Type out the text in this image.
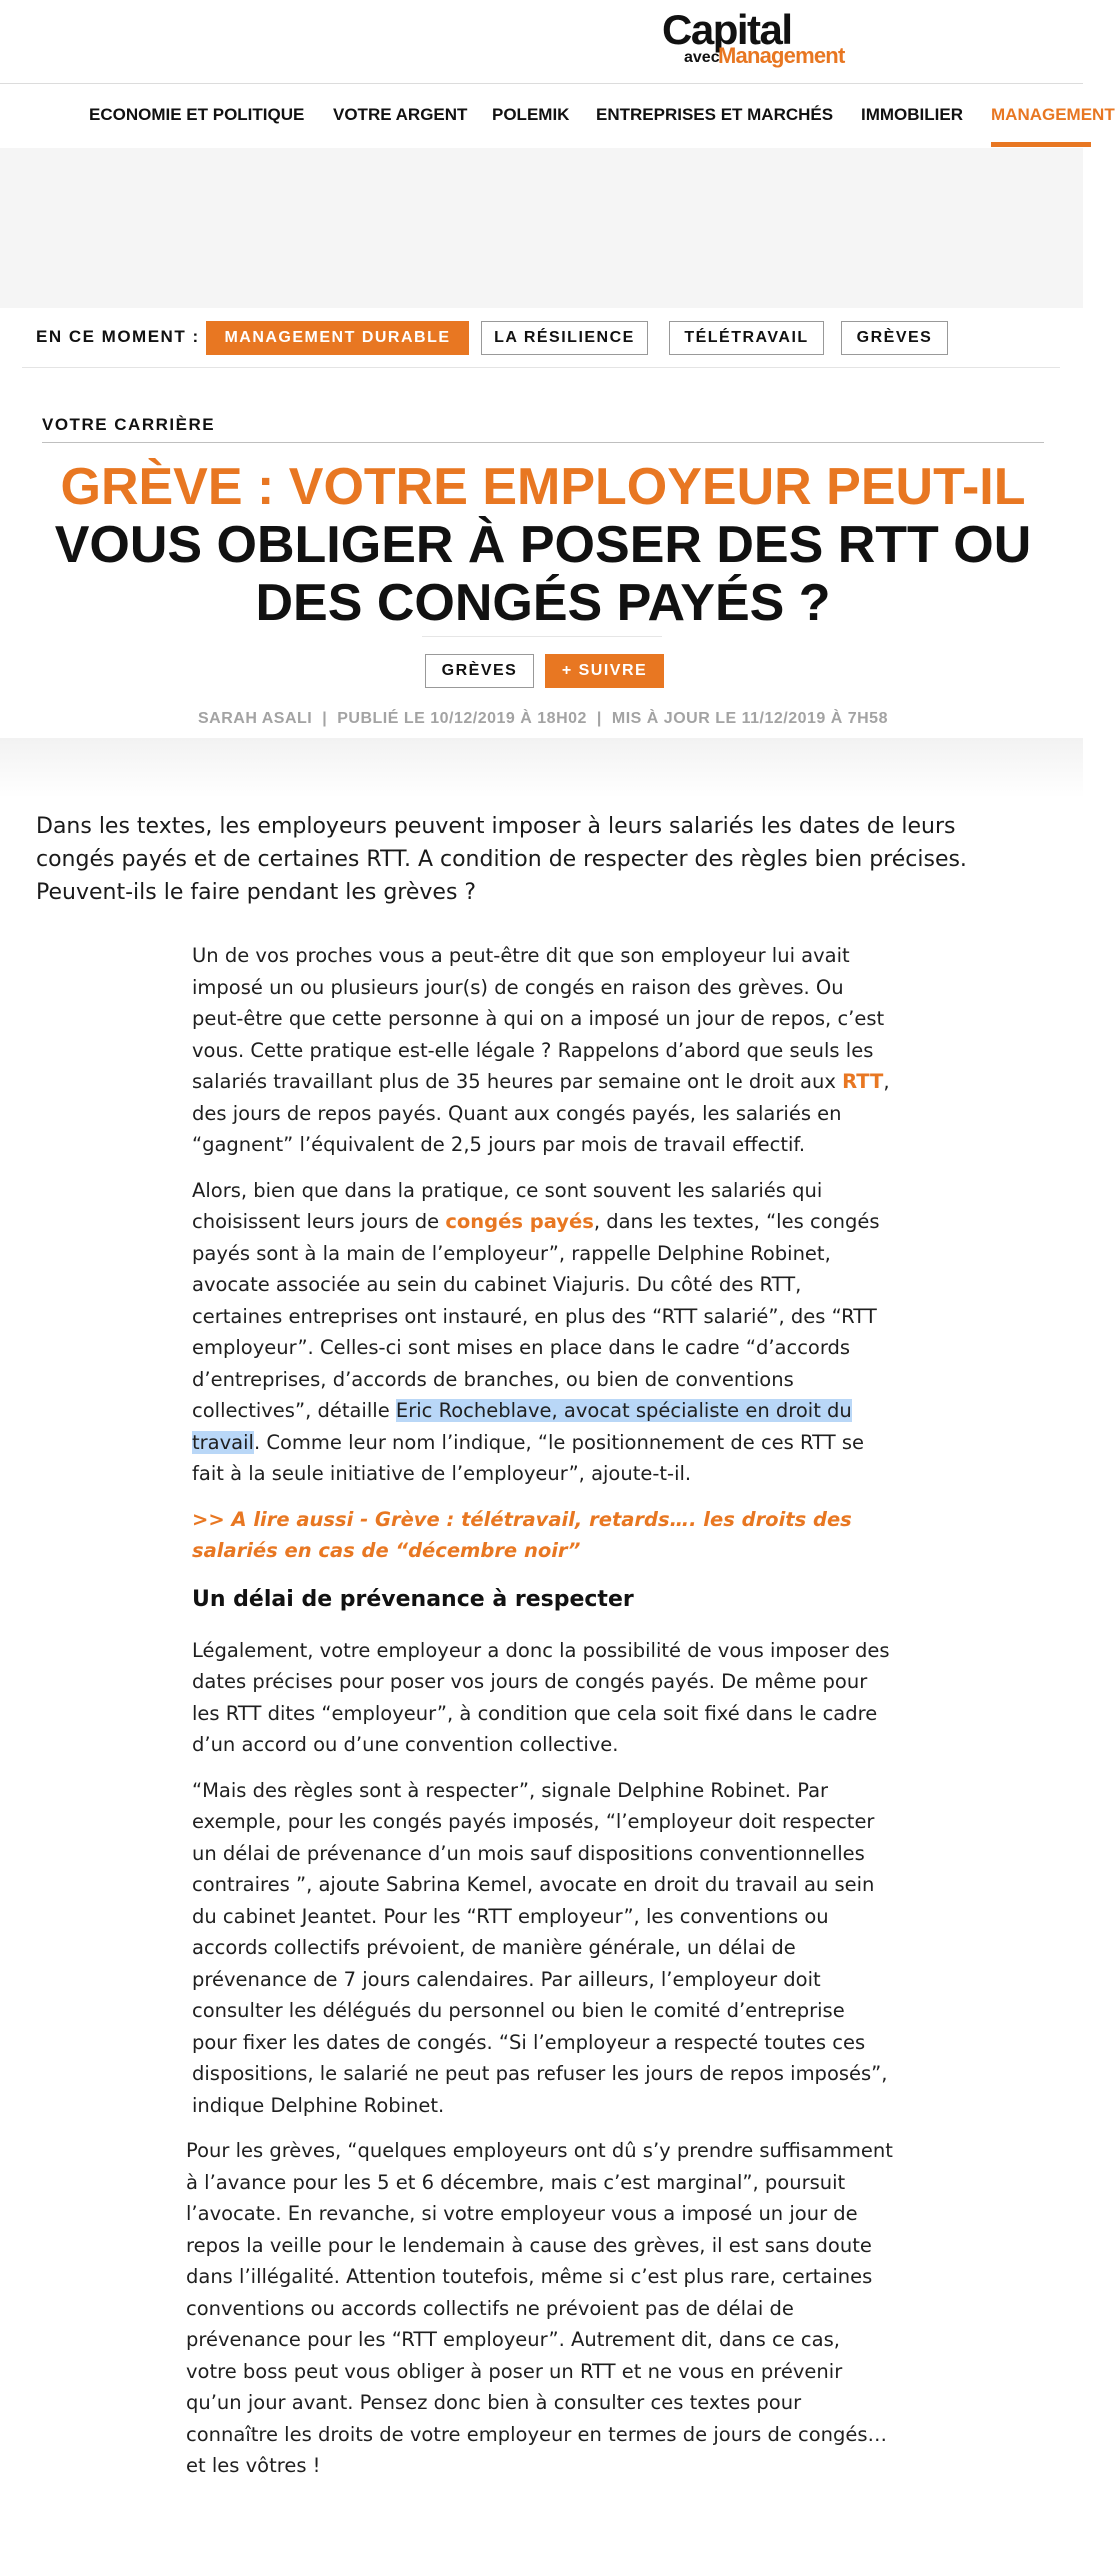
Capital
avec
Management
ECONOMIE ET POLITIQUE VOTRE ARGENT POLEMIK ENTREPRISES ET MARCHÉS IMMOBILIER MANAGEMENT
EN CE MOMENT :	MANAGEMENT DURABLE	LA RÉSILIENCE	TÉLÉTRAVAIL	GRÈVES
VOTRE CARRIÈRE
GRÈVE : VOTRE EMPLOYEUR PEUT-IL
VOUS OBLIGER À POSER DES RTT OU DES CONGÉS PAYÉS ?
GRÈVES	+ SUIVRE
SARAH ASALI | PUBLIÉ LE 10/12/2019 À 18H02 | MIS À JOUR LE 11/12/2019 À 7H58

Dans les textes, les employeurs peuvent imposer à leurs salariés les dates de leurs congés payés et de certaines RTT. A condition de respecter des règles bien précises. Peuvent-ils le faire pendant les grèves ?

Un de vos proches vous a peut-être dit que son employeur lui avait imposé un ou plusieurs jour(s) de congés en raison des grèves. Ou peut-être que cette personne à qui on a imposé un jour de repos, c’est vous. Cette pratique est-elle légale ? Rappelons d’abord que seuls les salariés travaillant plus de 35 heures par semaine ont le droit aux RTT, des jours de repos payés. Quant aux congés payés, les salariés en “gagnent” l’équivalent de 2,5 jours par mois de travail effectif.

Alors, bien que dans la pratique, ce sont souvent les salariés qui choisissent leurs jours de congés payés, dans les textes, “les congés payés sont à la main de l’employeur”, rappelle Delphine Robinet, avocate associée au sein du cabinet Viajuris. Du côté des RTT, certaines entreprises ont instauré, en plus des “RTT salarié”, des “RTT employeur”. Celles-ci sont mises en place dans le cadre “d’accords d’entreprises, d’accords de branches, ou bien de conventions collectives”, détaille Eric Rocheblave, avocat spécialiste en droit du travail. Comme leur nom l’indique, “le positionnement de ces RTT se fait à la seule initiative de l’employeur”, ajoute-t-il.

>> A lire aussi - Grève : télétravail, retards…. les droits des salariés en cas de “décembre noir”
Un délai de prévenance à respecter

Légalement, votre employeur a donc la possibilité de vous imposer des dates précises pour poser vos jours de congés payés. De même pour les RTT dites “employeur”, à condition que cela soit fixé dans le cadre d’un accord ou d’une convention collective.

“Mais des règles sont à respecter”, signale Delphine Robinet. Par exemple, pour les congés payés imposés, “l’employeur doit respecter un délai de prévenance d’un mois sauf dispositions conventionnelles contraires ”, ajoute Sabrina Kemel, avocate en droit du travail au sein du cabinet Jeantet. Pour les “RTT employeur”, les conventions ou accords collectifs prévoient, de manière générale, un délai de prévenance de 7 jours calendaires. Par ailleurs, l’employeur doit consulter les délégués du personnel ou bien le comité d’entreprise pour fixer les dates de congés. “Si l’employeur a respecté toutes ces dispositions, le salarié ne peut pas refuser les jours de repos imposés”, indique Delphine Robinet.

Pour les grèves, “quelques employeurs ont dû s’y prendre suffisamment à l’avance pour les 5 et 6 décembre, mais c’est marginal”, poursuit l’avocate. En revanche, si votre employeur vous a imposé un jour de repos la veille pour le lendemain à cause des grèves, il est sans doute dans l’illégalité. Attention toutefois, même si c’est plus rare, certaines conventions ou accords collectifs ne prévoient pas de délai de prévenance pour les “RTT employeur”. Autrement dit, dans ce cas, votre boss peut vous obliger à poser un RTT et ne vous en prévenir qu’un jour avant. Pensez donc bien à consulter ces textes pour connaître les droits de votre employeur en termes de jours de congés… et les vôtres !
